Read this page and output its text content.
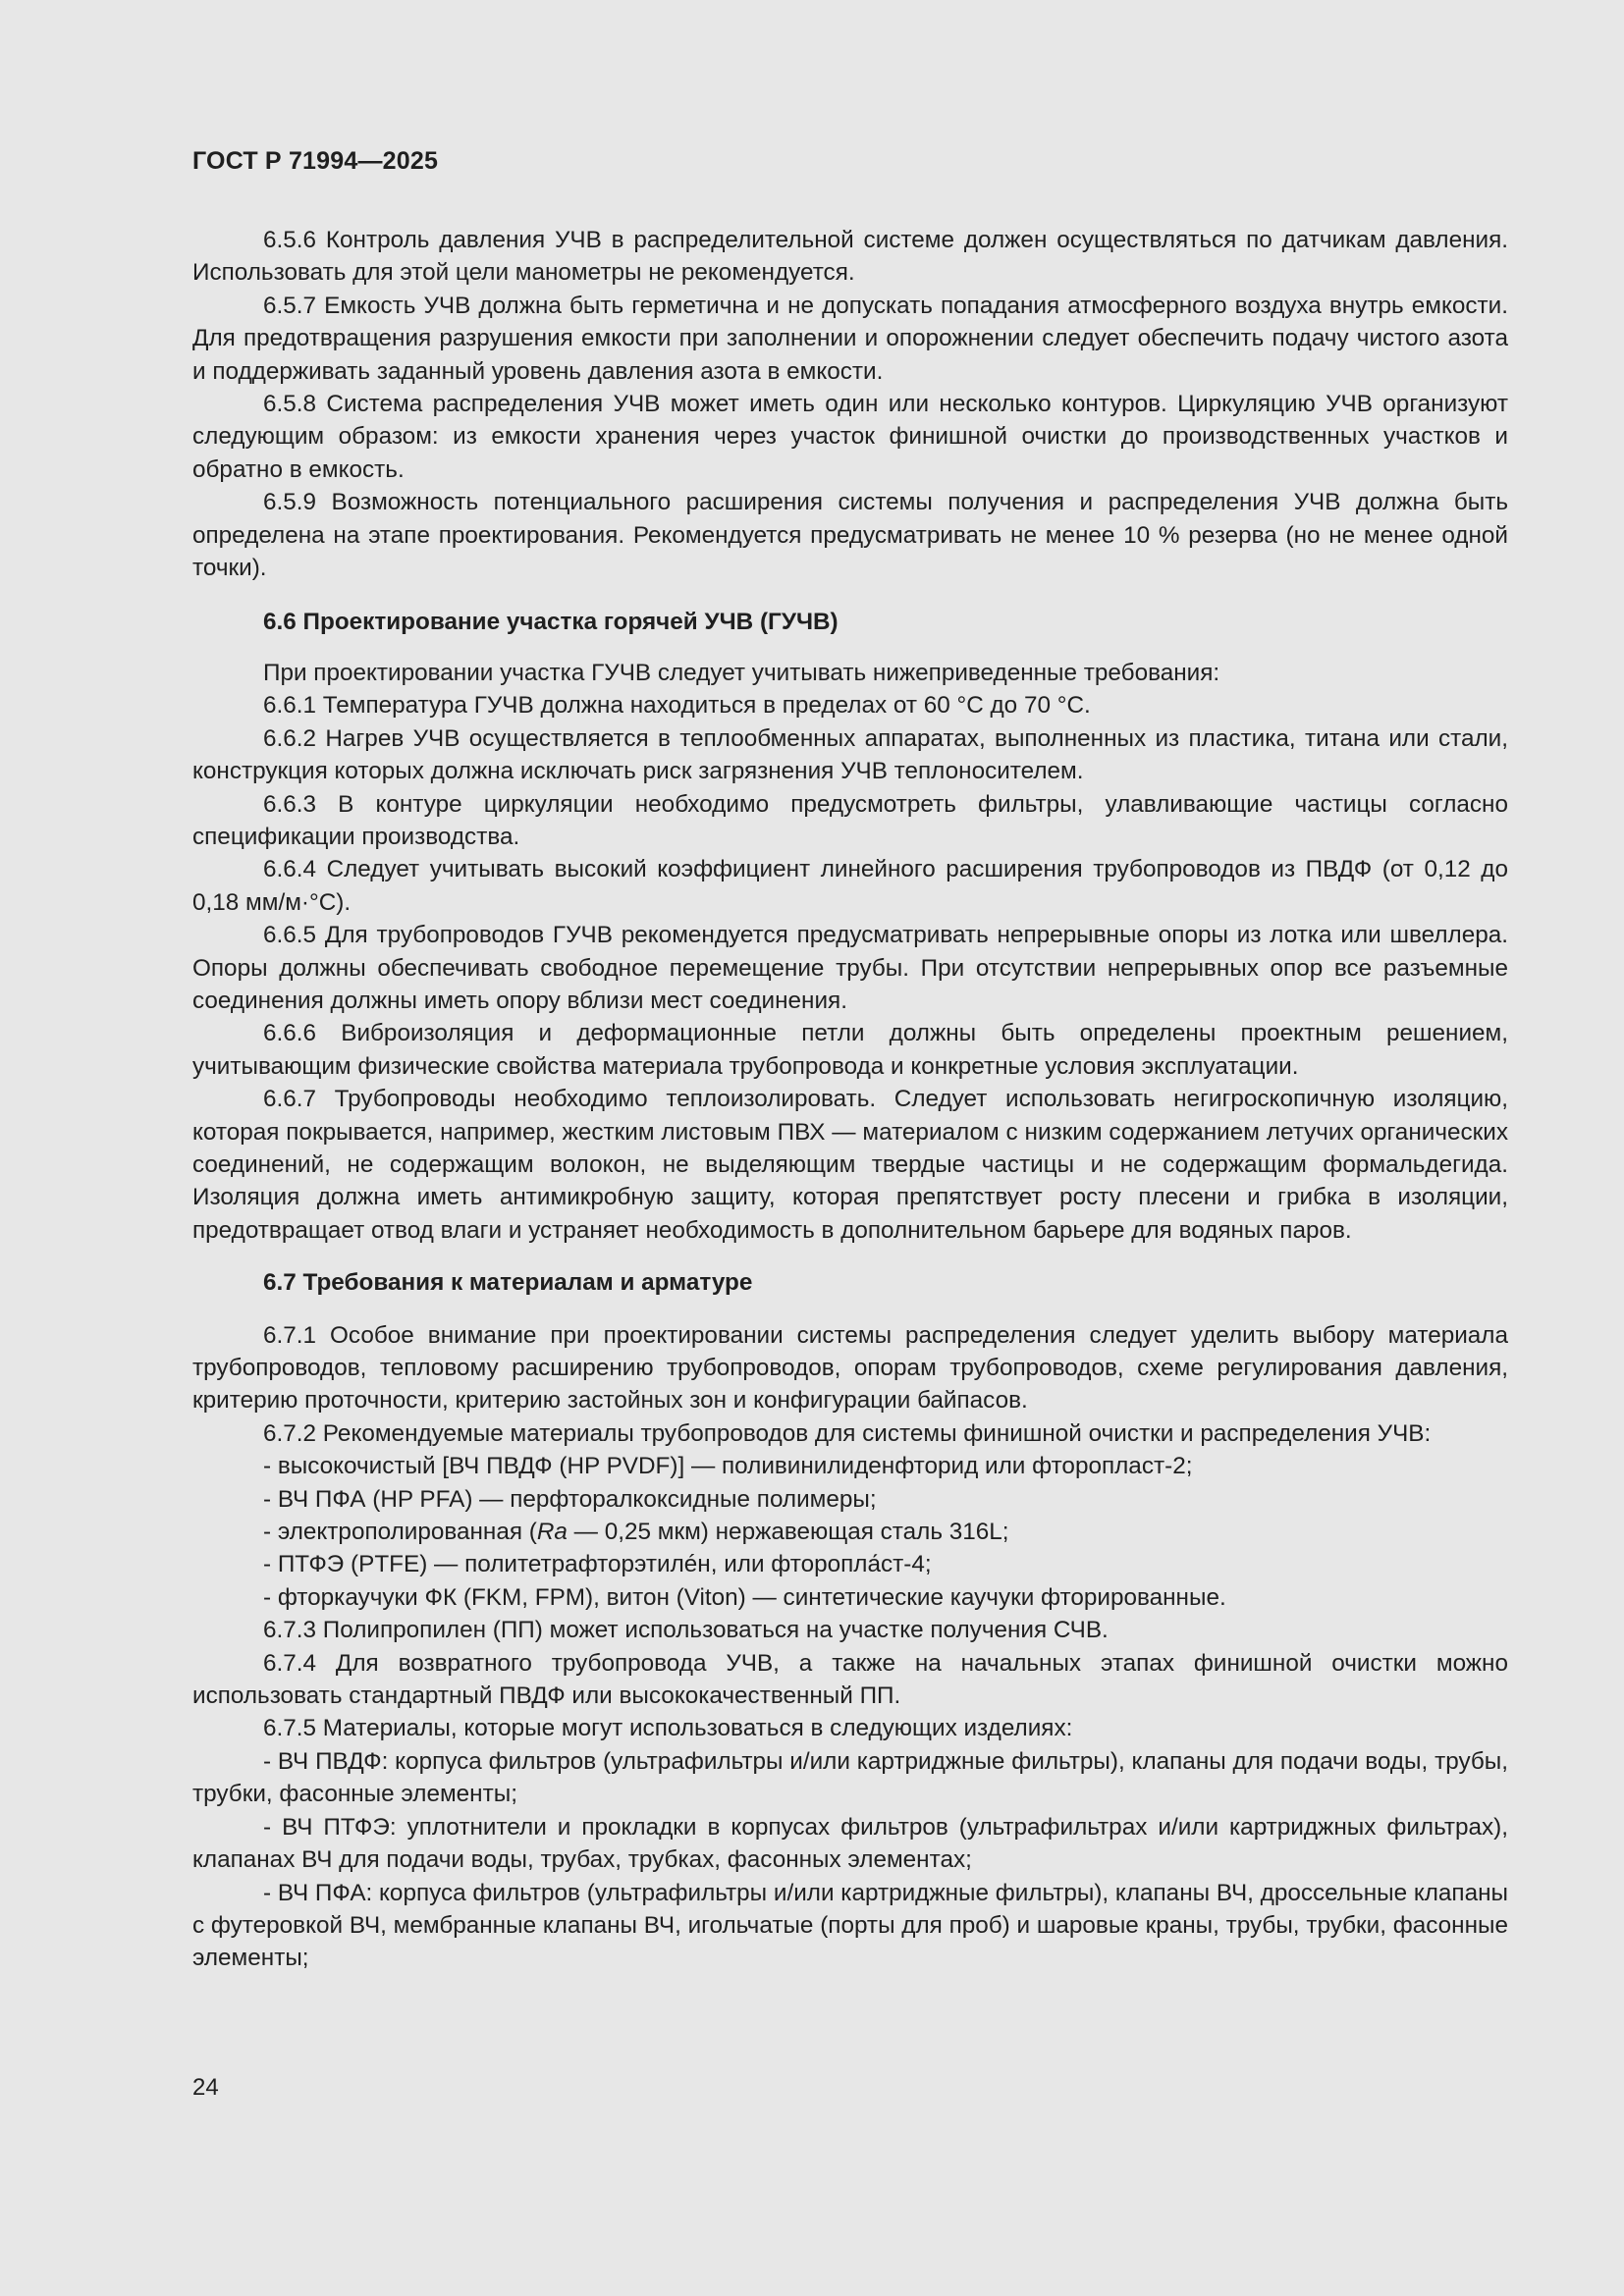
ГОСТ Р 71994—2025

6.5.6 Контроль давления УЧВ в распределительной системе должен осуществляться по датчикам давления. Использовать для этой цели манометры не рекомендуется.

6.5.7 Емкость УЧВ должна быть герметична и не допускать попадания атмосферного воздуха внутрь емкости. Для предотвращения разрушения емкости при заполнении и опорожнении следует обеспечить подачу чистого азота и поддерживать заданный уровень давления азота в емкости.

6.5.8 Система распределения УЧВ может иметь один или несколько контуров. Циркуляцию УЧВ организуют следующим образом: из емкости хранения через участок финишной очистки до производственных участков и обратно в емкость.

6.5.9 Возможность потенциального расширения системы получения и распределения УЧВ должна быть определена на этапе проектирования. Рекомендуется предусматривать не менее 10 % резерва (но не менее одной точки).

6.6 Проектирование участка горячей УЧВ (ГУЧВ)

При проектировании участка ГУЧВ следует учитывать нижеприведенные требования:

6.6.1 Температура ГУЧВ должна находиться в пределах от 60 °С до 70 °С.

6.6.2 Нагрев УЧВ осуществляется в теплообменных аппаратах, выполненных из пластика, титана или стали, конструкция которых должна исключать риск загрязнения УЧВ теплоносителем.

6.6.3 В контуре циркуляции необходимо предусмотреть фильтры, улавливающие частицы согласно спецификации производства.

6.6.4 Следует учитывать высокий коэффициент линейного расширения трубопроводов из ПВДФ (от 0,12 до 0,18 мм/м·°С).

6.6.5 Для трубопроводов ГУЧВ рекомендуется предусматривать непрерывные опоры из лотка или швеллера. Опоры должны обеспечивать свободное перемещение трубы. При отсутствии непрерывных опор все разъемные соединения должны иметь опору вблизи мест соединения.

6.6.6 Виброизоляция и деформационные петли должны быть определены проектным решением, учитывающим физические свойства материала трубопровода и конкретные условия эксплуатации.

6.6.7 Трубопроводы необходимо теплоизолировать. Следует использовать негигроскопичную изоляцию, которая покрывается, например, жестким листовым ПВХ — материалом с низким содержанием летучих органических соединений, не содержащим волокон, не выделяющим твердые частицы и не содержащим формальдегида. Изоляция должна иметь антимикробную защиту, которая препятствует росту плесени и грибка в изоляции, предотвращает отвод влаги и устраняет необходимость в дополнительном барьере для водяных паров.

6.7 Требования к материалам и арматуре

6.7.1 Особое внимание при проектировании системы распределения следует уделить выбору материала трубопроводов, тепловому расширению трубопроводов, опорам трубопроводов, схеме регулирования давления, критерию проточности, критерию застойных зон и конфигурации байпасов.

6.7.2 Рекомендуемые материалы трубопроводов для системы финишной очистки и распределения УЧВ:

- высокочистый [ВЧ ПВДФ (HP PVDF)] — поливинилиденфторид или фторопласт-2;

- ВЧ ПФА (HP PFA) — перфторалкоксидные полимеры;

- электрополированная (Ra — 0,25 мкм) нержавеющая сталь 316L;

- ПТФЭ (PTFE) — политетрафторэтилéн, или фторопла́ст-4;

- фторкаучуки ФК (FKM, FPM), витон (Viton) — синтетические каучуки фторированные.

6.7.3 Полипропилен (ПП) может использоваться на участке получения СЧВ.

6.7.4 Для возвратного трубопровода УЧВ, а также на начальных этапах финишной очистки можно использовать стандартный ПВДФ или высококачественный ПП.

6.7.5 Материалы, которые могут использоваться в следующих изделиях:

- ВЧ ПВДФ: корпуса фильтров (ультрафильтры и/или картриджные фильтры), клапаны для подачи воды, трубы, трубки, фасонные элементы;

- ВЧ ПТФЭ: уплотнители и прокладки в корпусах фильтров (ультрафильтрах и/или картриджных фильтрах), клапанах ВЧ для подачи воды, трубах, трубках, фасонных элементах;

- ВЧ ПФА: корпуса фильтров (ультрафильтры и/или картриджные фильтры), клапаны ВЧ, дроссельные клапаны с футеровкой ВЧ, мембранные клапаны ВЧ, игольчатые (порты для проб) и шаровые краны, трубы, трубки, фасонные элементы;

24
